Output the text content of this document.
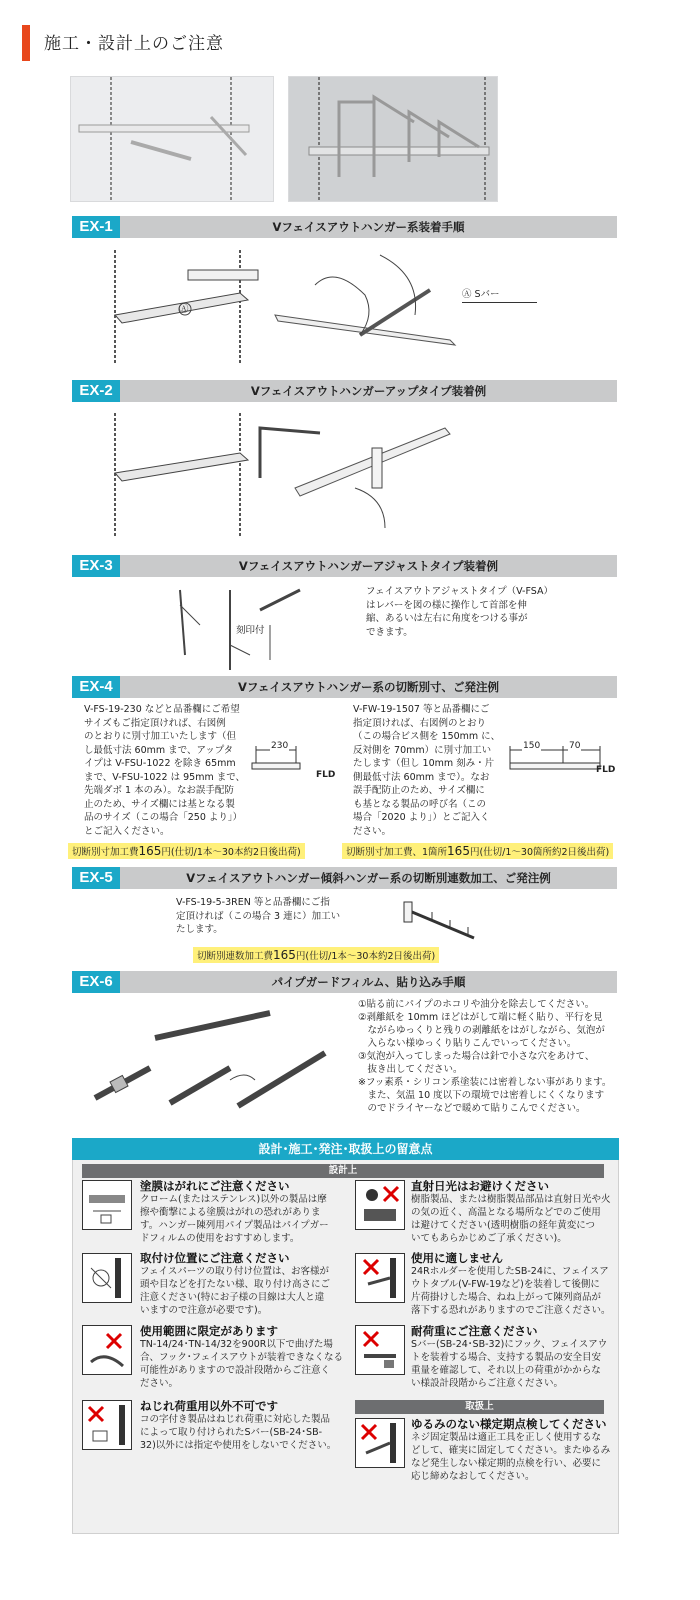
施工・設計上のご注意
EX-1	Vフェイスアウトハンガー系装着手順
Ⓐ
Ⓐ Sバー
EX-2	Vフェイスアウトハンガーアップタイプ装着例
EX-3	Vフェイスアウトハンガーアジャストタイプ装着例
刻印付
フェイスアウトアジャストタイプ（V-FSA）
はレバーを図の様に操作して首部を伸
縮、あるいは左右に角度をつける事が
できます。
EX-4	Vフェイスアウトハンガー系の切断別寸、ご発注例
V-FS-19-230 などと品番欄にご希望
サイズもご指定頂ければ、右図例
のとおりに別寸加工いたします（但
し最低寸法 60mm まで、アップタ
イプは V-FSU-1022 を除き 65mm
まで、V-FSU-1022 は 95mm まで、
先端ダボ 1 本のみ）。なお誤手配防
止のため、サイズ欄には基となる製
品のサイズ（この場合「250 より」）
とご記入ください。
230
FLD
V-FW-19-1507 等と品番欄にご
指定頂ければ、右図例のとおり
（この場合ビス側を 150mm に、
反対側を 70mm）に別寸加工い
たします（但し 10mm 刻み・片
側最低寸法 60mm まで）。なお
誤手配防止のため、サイズ欄に
も基となる製品の呼び名（この
場合「2020 より」）とご記入く
ださい。
150	70
FLD
切断別寸加工費165円(仕切/1本～30本約2日後出荷)	切断別寸加工費、1箇所165円(仕切/1～30箇所約2日後出荷)
EX-5	Vフェイスアウトハンガー傾斜ハンガー系の切断別連数加工、ご発注例
V-FS-19-5-3REN 等と品番欄にご指
定頂ければ（この場合 3 連に）加工い
たします。
切断別連数加工費165円(仕切/1本～30本約2日後出荷)
EX-6	パイプガードフィルム、貼り込み手順
①貼る前にパイプのホコリや油分を除去してください。
②剥離紙を 10mm ほどはがして端に軽く貼り、平行を見
　ながらゆっくりと残りの剥離紙をはがしながら、気泡が
　入らない様ゆっくり貼りこんでいってください。
③気泡が入ってしまった場合は針で小さな穴をあけて、
　抜き出してください。
※フッ素系・シリコン系塗装には密着しない事があります。
　また、気温 10 度以下の環境では密着しにくくなります
　のでドライヤーなどで暖めて貼りこんでください。
設計･施工･発注･取扱上の留意点
設計上
塗膜はがれにご注意ください
クローム(またはステンレス)以外の製品は摩
擦や衝撃による塗膜はがれの恐れがありま
す。ハンガー陳列用パイプ製品はパイプガー
ドフィルムの使用をおすすめします。
直射日光はお避けください
樹脂製品、または樹脂製品部品は直射日光や火
の気の近く、高温となる場所などでのご使用
は避けてください(透明樹脂の経年黄変につ
いてもあらかじめご了承ください)。
取付け位置にご注意ください
フェイスパーツの取り付け位置は、お客様が
頭や目などを打たない様、取り付け高さにご
注意ください(特にお子様の目線は大人と違
いますので注意が必要です)。
使用に適しません
24Rホルダーを使用したSB-24に、フェイスア
ウトタブル(V-FW-19など)を装着して後側に
片荷掛けした場合、ねね上がって陳列商品が
落下する恐れがありますのでご注意ください。
使用範囲に限定があります
TN-14/24･TN-14/32を900R以下で曲げた場
合、フック･フェイスアウトが装着できなくなる
可能性がありますので設計段階からご注意く
ださい。
耐荷重にご注意ください
Sバー(SB-24･SB-32)にフック、フェイスアウ
トを装着する場合、支持する製品の安全目安
重量を確認して、それ以上の荷重がかからな
い様設計段階からご注意ください。
ねじれ荷重用以外不可です
コの字付き製品はねじれ荷重に対応した製品
によって取り付けられたSバー(SB-24･SB-
32)以外には指定や使用をしないでください。
取扱上
ゆるみのない様定期点検してください
ネジ固定製品は適正工具を正しく使用するな
どして、確実に固定してください。またゆるみ
など発生しない様定期的点検を行い、必要に
応じ締めなおしてください。
